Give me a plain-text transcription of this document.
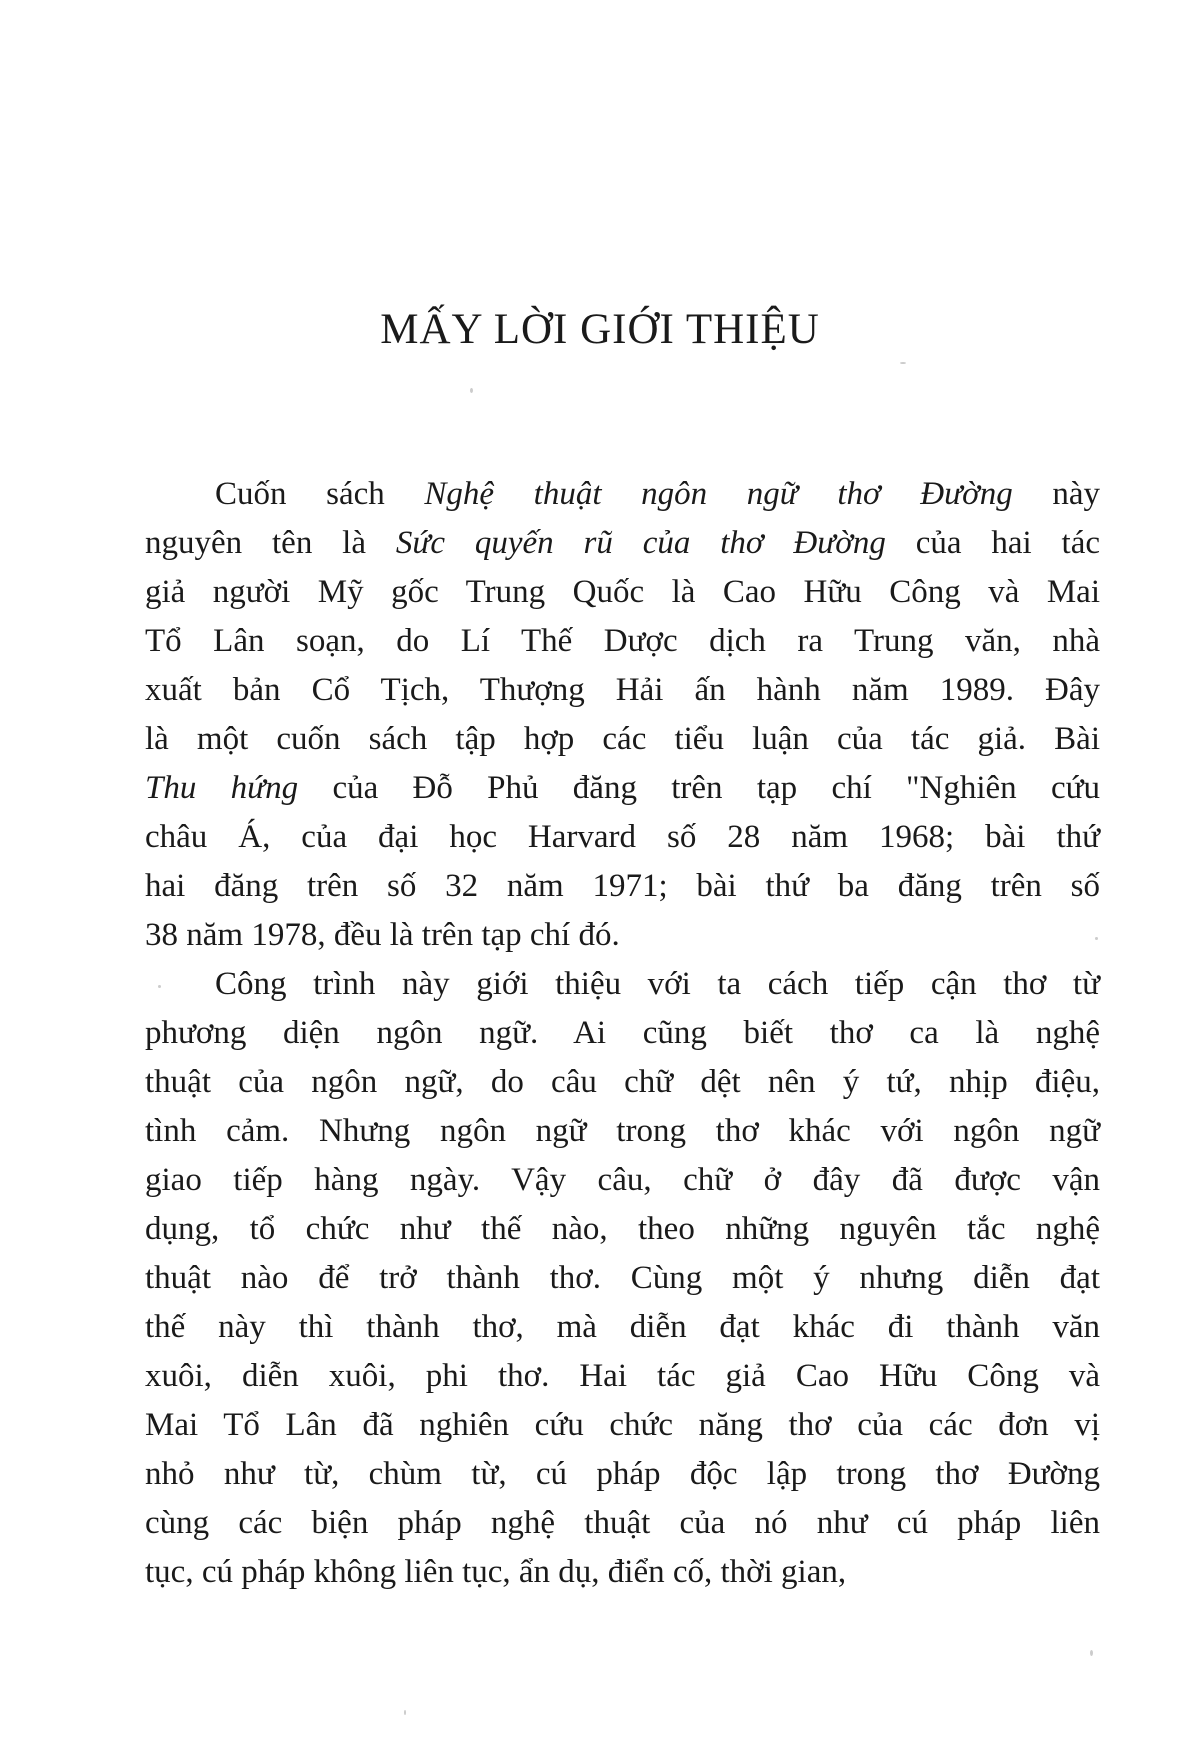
MẤY LỜI GIỚI THIỆU
Cuốn sách Nghệ thuật ngôn ngữ thơ Đường này
nguyên tên là Sức quyến rũ của thơ Đường của hai tác
giả người Mỹ gốc Trung Quốc là Cao Hữu Công và Mai
Tổ Lân soạn, do Lí Thế Dược dịch ra Trung văn, nhà
xuất bản Cổ Tịch, Thượng Hải ấn hành năm 1989. Đây
là một cuốn sách tập hợp các tiểu luận của tác giả. Bài
Thu hứng của Đỗ Phủ đăng trên tạp chí "Nghiên cứu
châu Á, của đại học Harvard số 28 năm 1968; bài thứ
hai đăng trên số 32 năm 1971; bài thứ ba đăng trên số
38 năm 1978, đều là trên tạp chí đó.
Công trình này giới thiệu với ta cách tiếp cận thơ từ
phương diện ngôn ngữ. Ai cũng biết thơ ca là nghệ
thuật của ngôn ngữ, do câu chữ dệt nên ý tứ, nhịp điệu,
tình cảm. Nhưng ngôn ngữ trong thơ khác với ngôn ngữ
giao tiếp hàng ngày. Vậy câu, chữ ở đây đã được vận
dụng, tổ chức như thế nào, theo những nguyên tắc nghệ
thuật nào để trở thành thơ. Cùng một ý nhưng diễn đạt
thế này thì thành thơ, mà diễn đạt khác đi thành văn
xuôi, diễn xuôi, phi thơ. Hai tác giả Cao Hữu Công và
Mai Tổ Lân đã nghiên cứu chức năng thơ của các đơn vị
nhỏ như từ, chùm từ, cú pháp độc lập trong thơ Đường
cùng các biện pháp nghệ thuật của nó như cú pháp liên
tục, cú pháp không liên tục, ẩn dụ, điển cố, thời gian,
